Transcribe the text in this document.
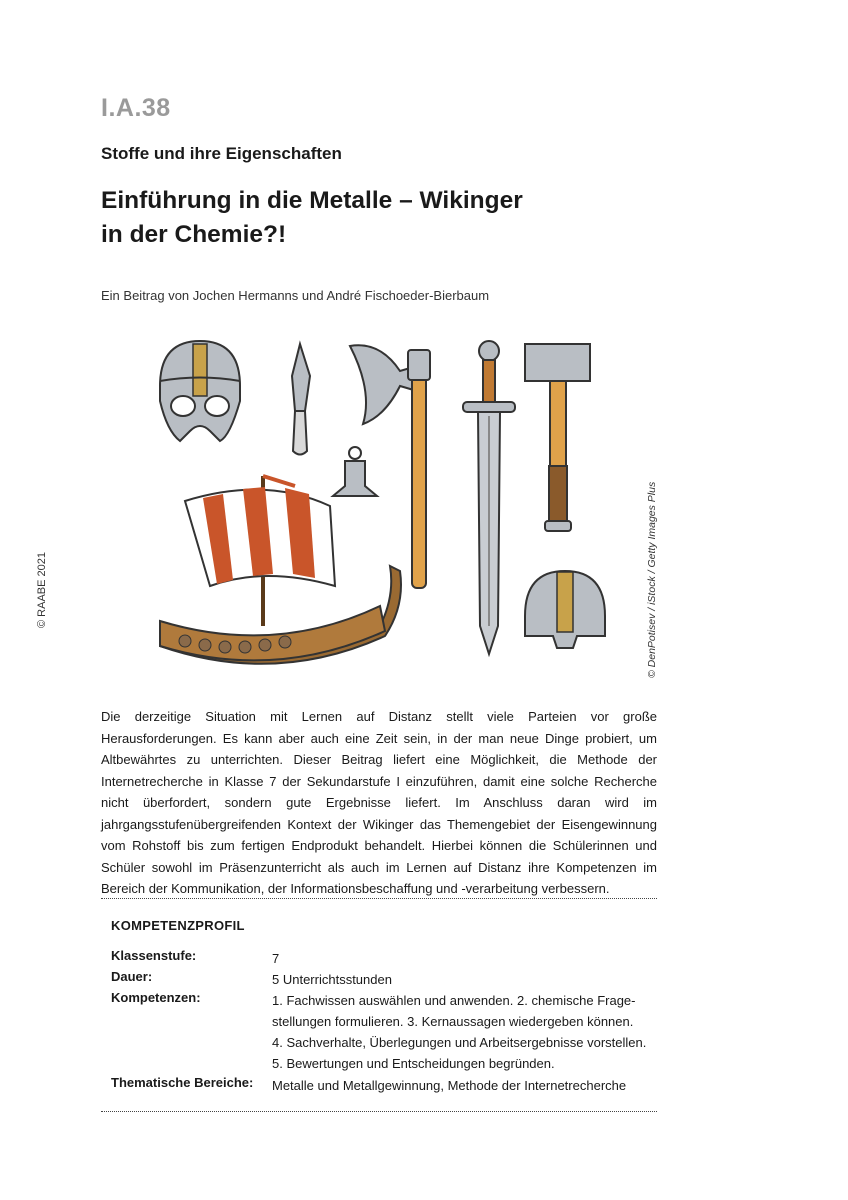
I.A.38
Stoffe und ihre Eigenschaften
Einführung in die Metalle – Wikinger
in der Chemie?!
Ein Beitrag von Jochen Hermanns und André Fischoeder-Bierbaum
© RAABE 2021	© DenPotisev / iStock / Getty Images Plus
Die derzeitige Situation mit Lernen auf Distanz stellt viele Parteien vor große Herausforderungen. Es kann aber auch eine Zeit sein, in der man neue Dinge probiert, um Altbewährtes zu unterrichten. Dieser Beitrag liefert eine Möglichkeit, die Methode der Internetrecherche in Klasse 7 der Sekundarstufe I einzuführen, damit eine solche Recherche nicht überfordert, sondern gute Ergebnisse liefert. Im Anschluss daran wird im jahrgangsstufenübergreifenden Kontext der Wikinger das Themengebiet der Eisengewinnung vom Rohstoff bis zum fertigen Endprodukt behandelt. Hierbei können die Schülerinnen und Schüler sowohl im Präsenzunterricht als auch im Lernen auf Distanz ihre Kompetenzen im Bereich der Kommunikation, der Informationsbeschaffung und -verarbeitung verbessern.
KOMPETENZPROFIL
Klassenstufe:	7
Dauer:	5 Unterrichtsstunden
Kompetenzen:	1. Fachwissen auswählen und anwenden. 2. chemische Frage-
stellungen formulieren. 3. Kernaussagen wiedergeben können.
4. Sachverhalte, Überlegungen und Arbeitsergebnisse vorstellen.
5. Bewertungen und Entscheidungen begründen.
Thematische Bereiche:	Metalle und Metallgewinnung, Methode der Internetrecherche
